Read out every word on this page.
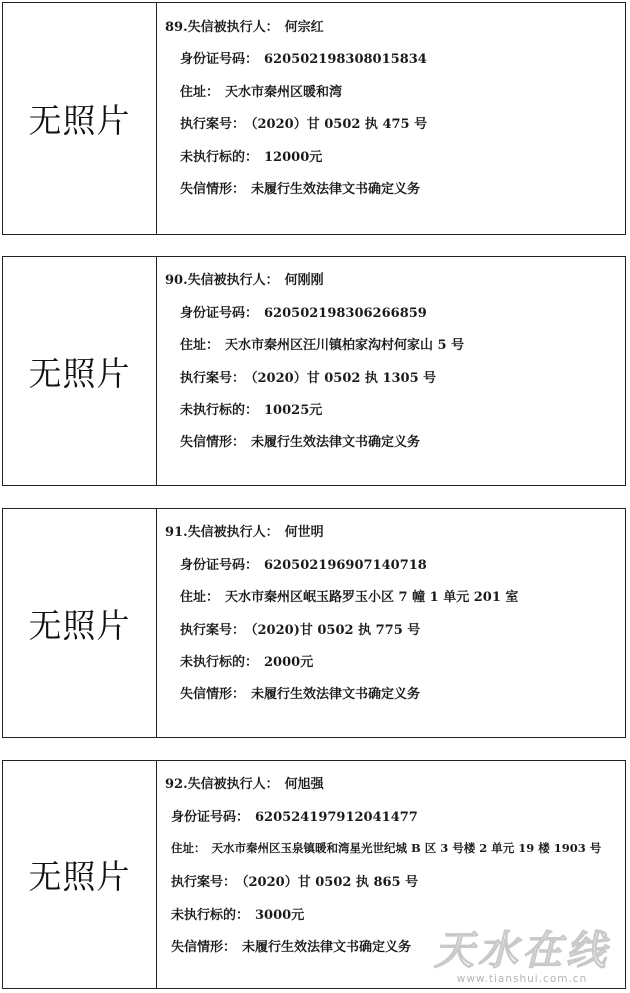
无照片
89.失信被执行人： 何宗红
身份证号码： 620502198308015834
住址： 天水市秦州区暖和湾
执行案号： （2020）甘 0502 执 475 号
未执行标的： 12000元
失信情形： 未履行生效法律文书确定义务
无照片
90.失信被执行人： 何刚刚
身份证号码： 620502198306266859
住址： 天水市秦州区汪川镇柏家沟村何家山 5 号
执行案号： （2020）甘 0502 执 1305 号
未执行标的： 10025元
失信情形： 未履行生效法律文书确定义务
无照片
91.失信被执行人： 何世明
身份证号码： 620502196907140718
住址： 天水市秦州区岷玉路罗玉小区 7 幢 1 单元 201 室
执行案号： （2020)甘 0502 执 775 号
未执行标的： 2000元
失信情形： 未履行生效法律文书确定义务
无照片
92.失信被执行人： 何旭强
身份证号码： 620524197912041477
住址： 天水市秦州区玉泉镇暖和湾星光世纪城 B 区 3 号楼 2 单元 19 楼 1903 号
执行案号： （2020）甘 0502 执 865 号
未执行标的： 3000元
失信情形： 未履行生效法律文书确定义务 天水在线
www.tianshui.com.cn
